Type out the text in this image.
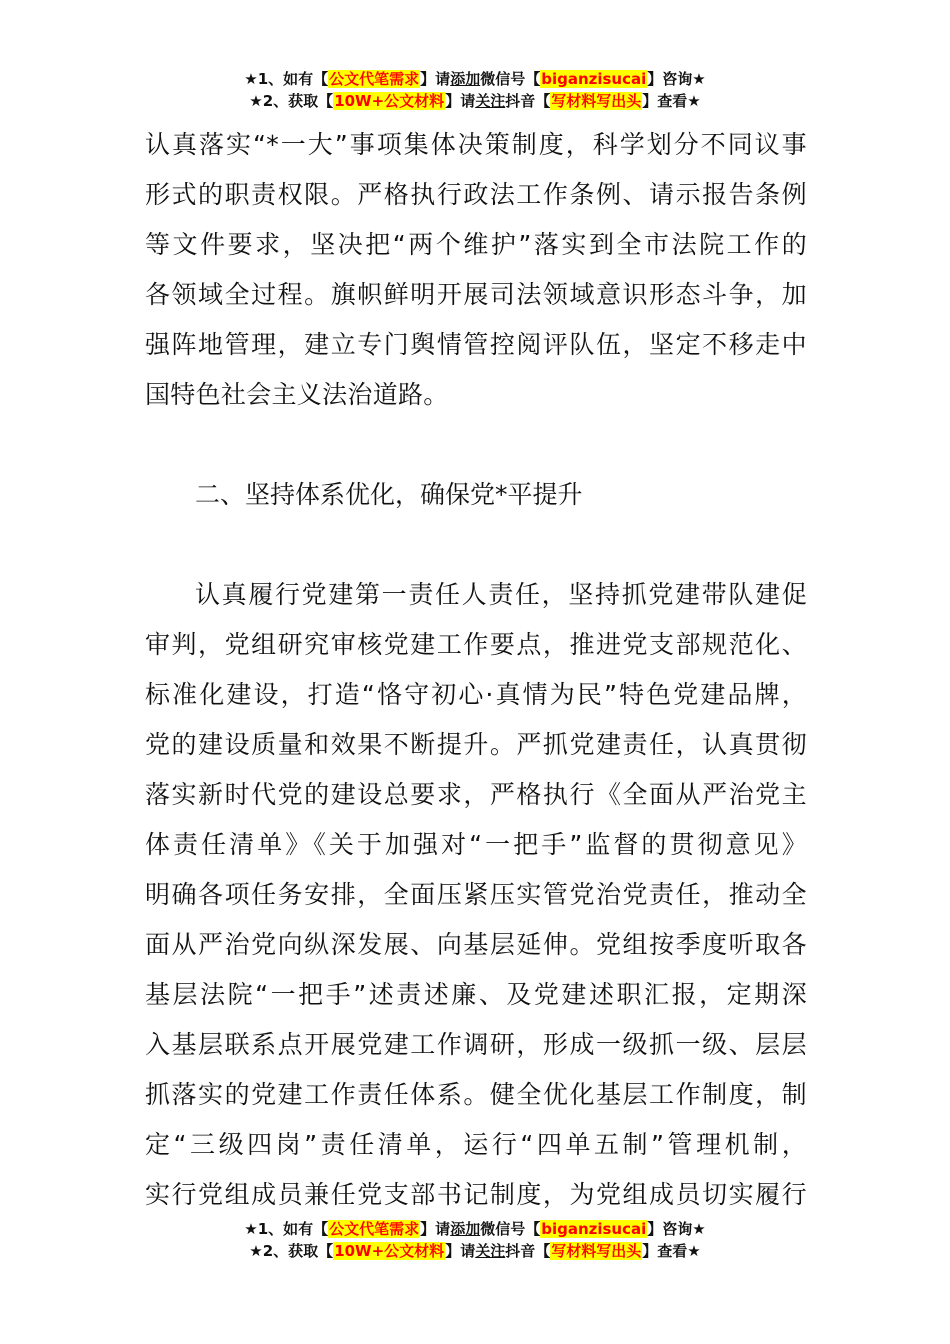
★1、如有【公文代笔需求】请添加微信号【biganzisucai】咨询★
★2、获取【10W+公文材料】请关注抖音【写材料写出头】查看★
认真落实“*一大”事项集体决策制度，科学划分不同议事
形式的职责权限。严格执行政法工作条例、请示报告条例
等文件要求，坚决把“两个维护”落实到全市法院工作的
各领域全过程。旗帜鲜明开展司法领域意识形态斗争，加
强阵地管理，建立专门舆情管控阅评队伍，坚定不移走中
国特色社会主义法治道路。
二、坚持体系优化，确保党*平提升
认真履行党建第一责任人责任，坚持抓党建带队建促
审判，党组研究审核党建工作要点，推进党支部规范化、
标准化建设，打造“恪守初心·真情为民”特色党建品牌，
党的建设质量和效果不断提升。严抓党建责任，认真贯彻
落实新时代党的建设总要求，严格执行《全面从严治党主
体责任清单》《关于加强对“一把手”监督的贯彻意见》
明确各项任务安排，全面压紧压实管党治党责任，推动全
面从严治党向纵深发展、向基层延伸。党组按季度听取各
基层法院“一把手”述责述廉、及党建述职汇报，定期深
入基层联系点开展党建工作调研，形成一级抓一级、层层
抓落实的党建工作责任体系。健全优化基层工作制度，制
定“三级四岗”责任清单，运行“四单五制”管理机制，
实行党组成员兼任党支部书记制度，为党组成员切实履行
★1、如有【公文代笔需求】请添加微信号【biganzisucai】咨询★
★2、获取【10W+公文材料】请关注抖音【写材料写出头】查看★
